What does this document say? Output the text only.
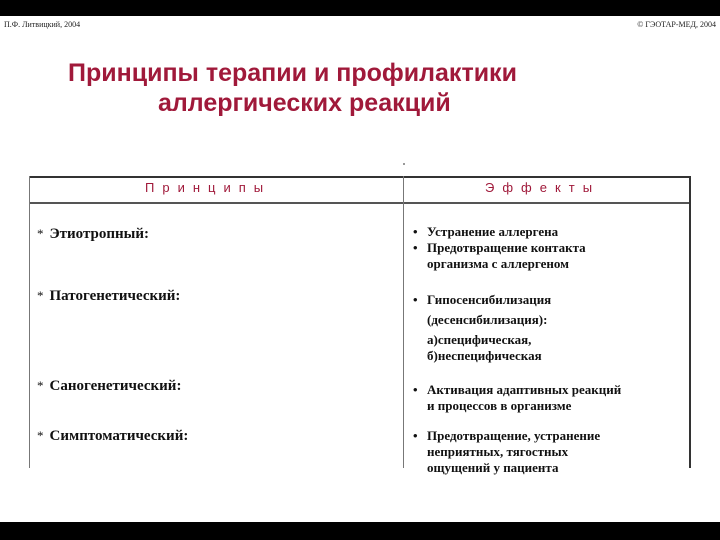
П.Ф. Литвицкий, 2004	© ГЭОТАР-МЕД, 2004
Принципы терапии и профилактики
аллергических реакций
Принципы	Эффекты
* Этиотропный:	• Устранение аллергена
• Предотвращение контакта
организма с аллергеном
* Патогенетический:	• Гипосенсибилизация
(десенсибилизация):
а)специфическая,
б)неспецифическая
* Саногенетический:	• Активация адаптивных реакций
и процессов в организме
* Симптоматический:	• Предотвращение, устранение
неприятных, тягостных
ощущений у пациента
